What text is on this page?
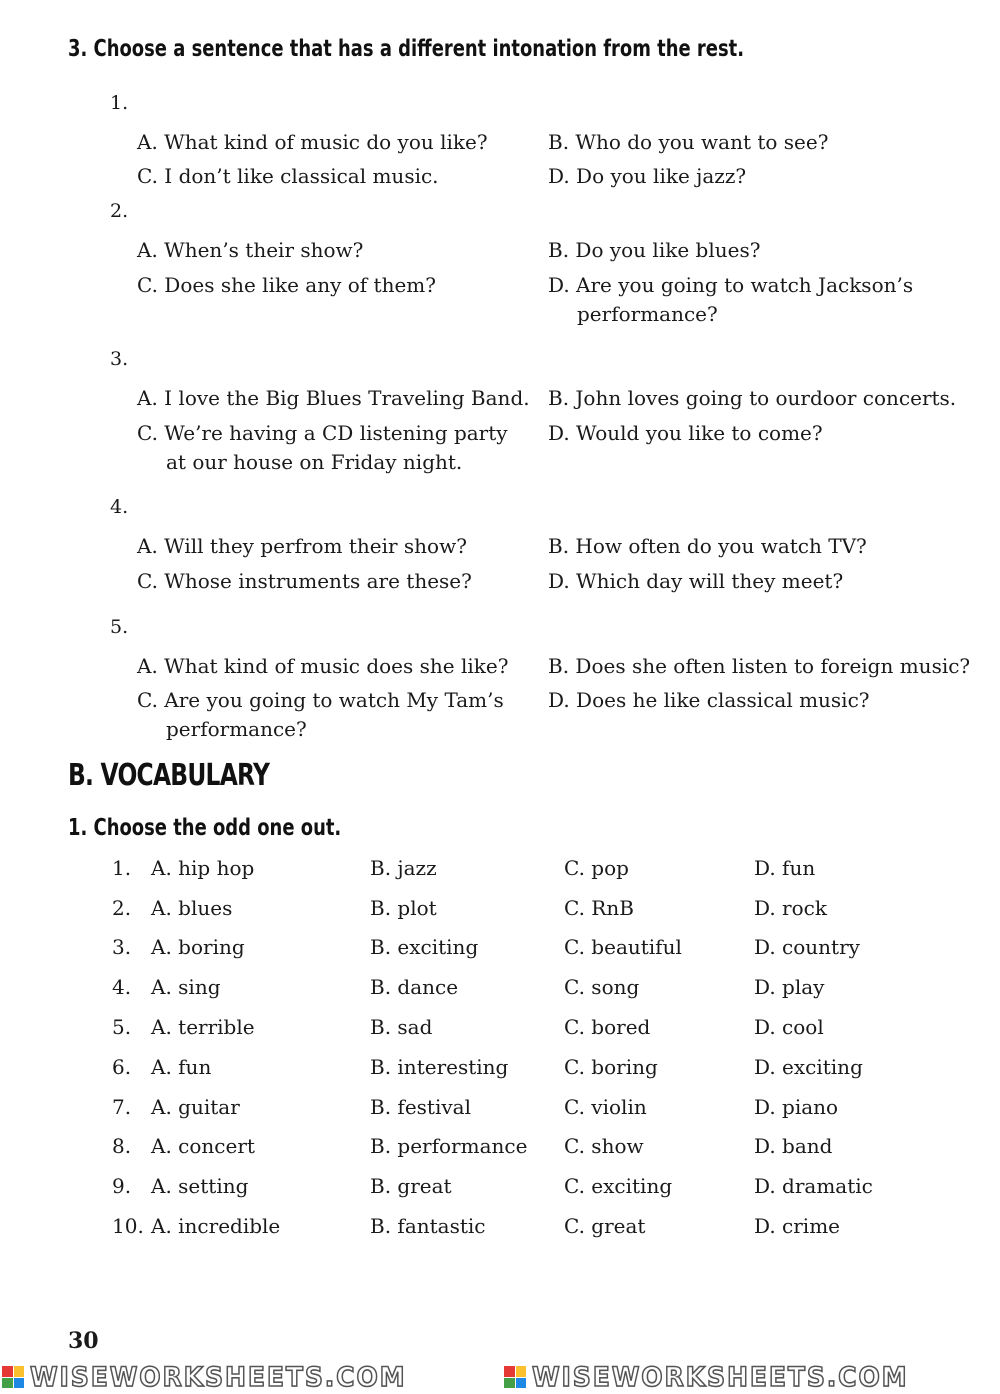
3. Choose a sentence that has a different intonation from the rest.
1.
A. What kind of music do you like?	B. Who do you want to see?
C. I don’t like classical music.	D. Do you like jazz?
2.
A. When’s their show?	B. Do you like blues?
C. Does she like any of them?	D. Are you going to watch Jackson’s
performance?
3.
A. I love the Big Blues Traveling Band. B. John loves going to ourdoor concerts.
C. We’re having a CD listening party
at our house on Friday night.
D. Would you like to come?
4.
A. Will they perfrom their show?	B. How often do you watch TV?
C. Whose instruments are these?	D. Which day will they meet?
5.
A. What kind of music does she like? B. Does she often listen to foreign music?
C. Are you going to watch My Tam’s
performance?
D. Does he like classical music?
B. VOCABULARY
1. Choose the odd one out.
1. A. hip hop	B. jazz	C. pop	D. fun
2. A. blues	B. plot	C. RnB	D. rock
3. A. boring	B. exciting	C. beautiful	D. country
4. A. sing	B. dance	C. song	D. play
5. A. terrible	B. sad	C. bored	D. cool
6. A. fun	B. interesting	C. boring	D. exciting
7. A. guitar	B. festival	C. violin	D. piano
8. A. concert	B. performance C. show	D. band
9. A. setting	B. great	C. exciting	D. dramatic
10. A. incredible	B. fantastic	C. great	D. crime
30
WISEWORKSHEETS.COM	WISEWORKSHEETS.COM
